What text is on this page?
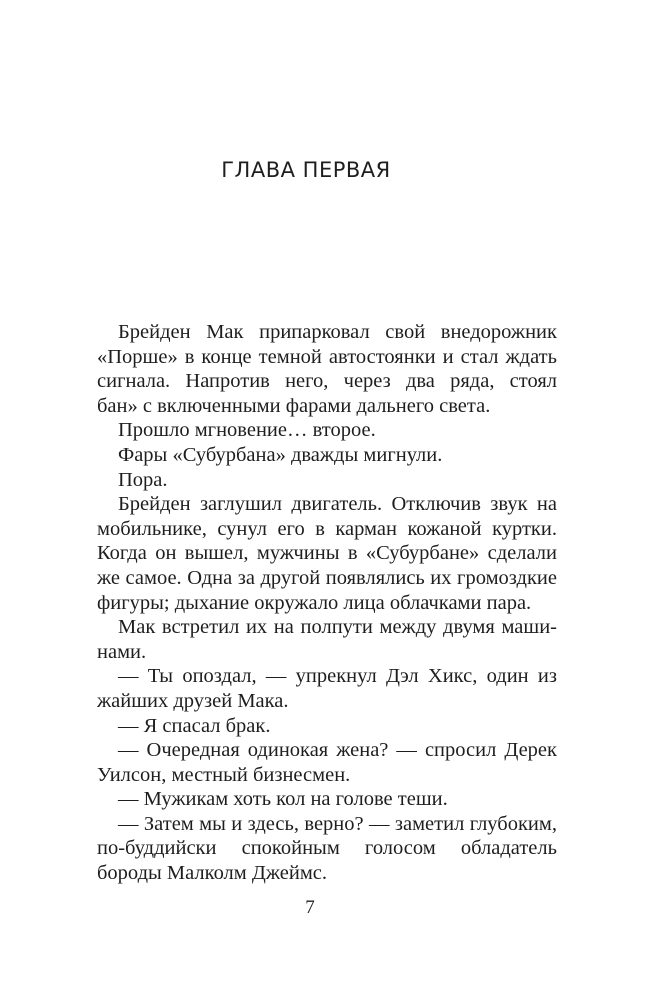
ГЛАВА ПЕРВАЯ
Брейден Мак припарковал свой внедорожник
«Порше» в конце темной автостоянки и стал ждать
сигнала. Напротив него, через два ряда, стоял
бан» с включенными фарами дальнего света.
Прошло мгновение… второе.
Фары «Субурбана» дважды мигнули.
Пора.
Брейден заглушил двигатель. Отключив звук на
мобильнике, сунул его в карман кожаной куртки.
Когда он вышел, мужчины в «Субурбане» сделали
же самое. Одна за другой появлялись их громоздкие
фигуры; дыхание окружало лица облачками пара.
Мак встретил их на полпути между двумя маши-
нами.
— Ты опоздал, — упрекнул Дэл Хикс, один из
жайших друзей Мака.
— Я спасал брак.
— Очередная одинокая жена? — спросил Дерек
Уилсон, местный бизнесмен.
— Мужикам хоть кол на голове теши.
— Затем мы и здесь, верно? — заметил глубоким,
по-буддийски спокойным голосом обладатель
бороды Малколм Джеймс.
7
